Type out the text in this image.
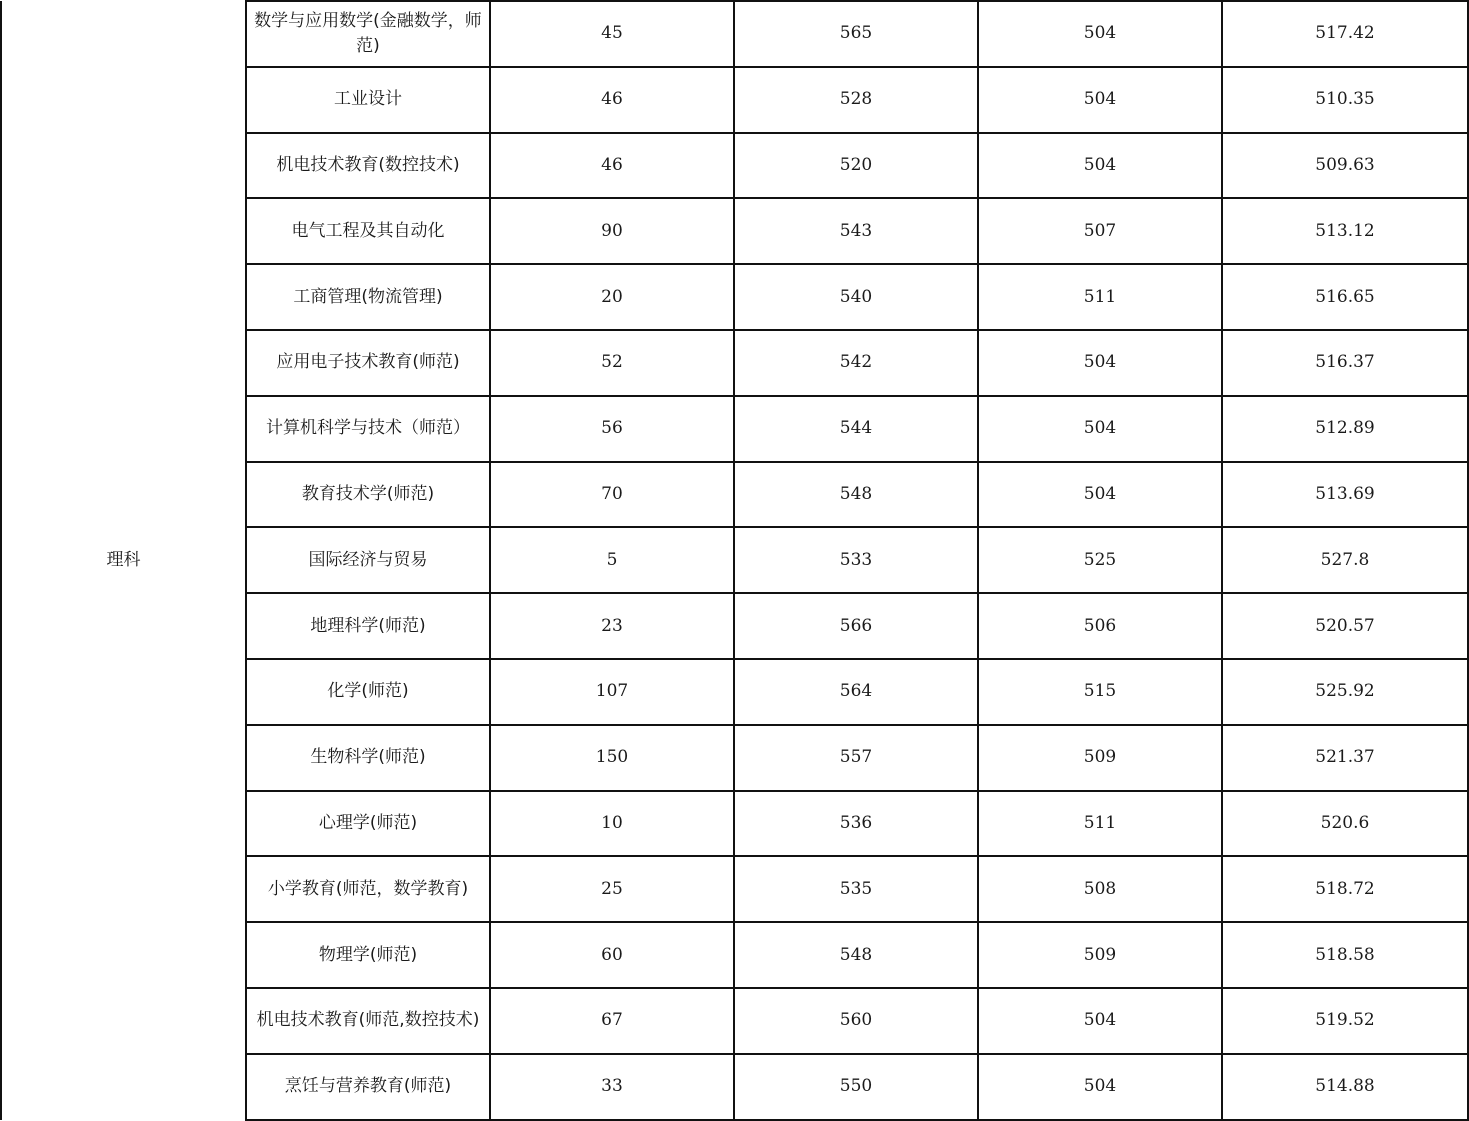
理科	数学与应用数学(金融数学，师范)	45	565	504	517.42
	工业设计	46	528	504	510.35
	机电技术教育(数控技术)	46	520	504	509.63
	电气工程及其自动化	90	543	507	513.12
	工商管理(物流管理)	20	540	511	516.65
	应用电子技术教育(师范)	52	542	504	516.37
	计算机科学与技术（师范）	56	544	504	512.89
	教育技术学(师范)	70	548	504	513.69
	国际经济与贸易	5	533	525	527.8
	地理科学(师范)	23	566	506	520.57
	化学(师范)	107	564	515	525.92
	生物科学(师范)	150	557	509	521.37
	心理学(师范)	10	536	511	520.6
	小学教育(师范，数学教育)	25	535	508	518.72
	物理学(师范)	60	548	509	518.58
	机电技术教育(师范,数控技术)	67	560	504	519.52
	烹饪与营养教育(师范)	33	550	504	514.88
